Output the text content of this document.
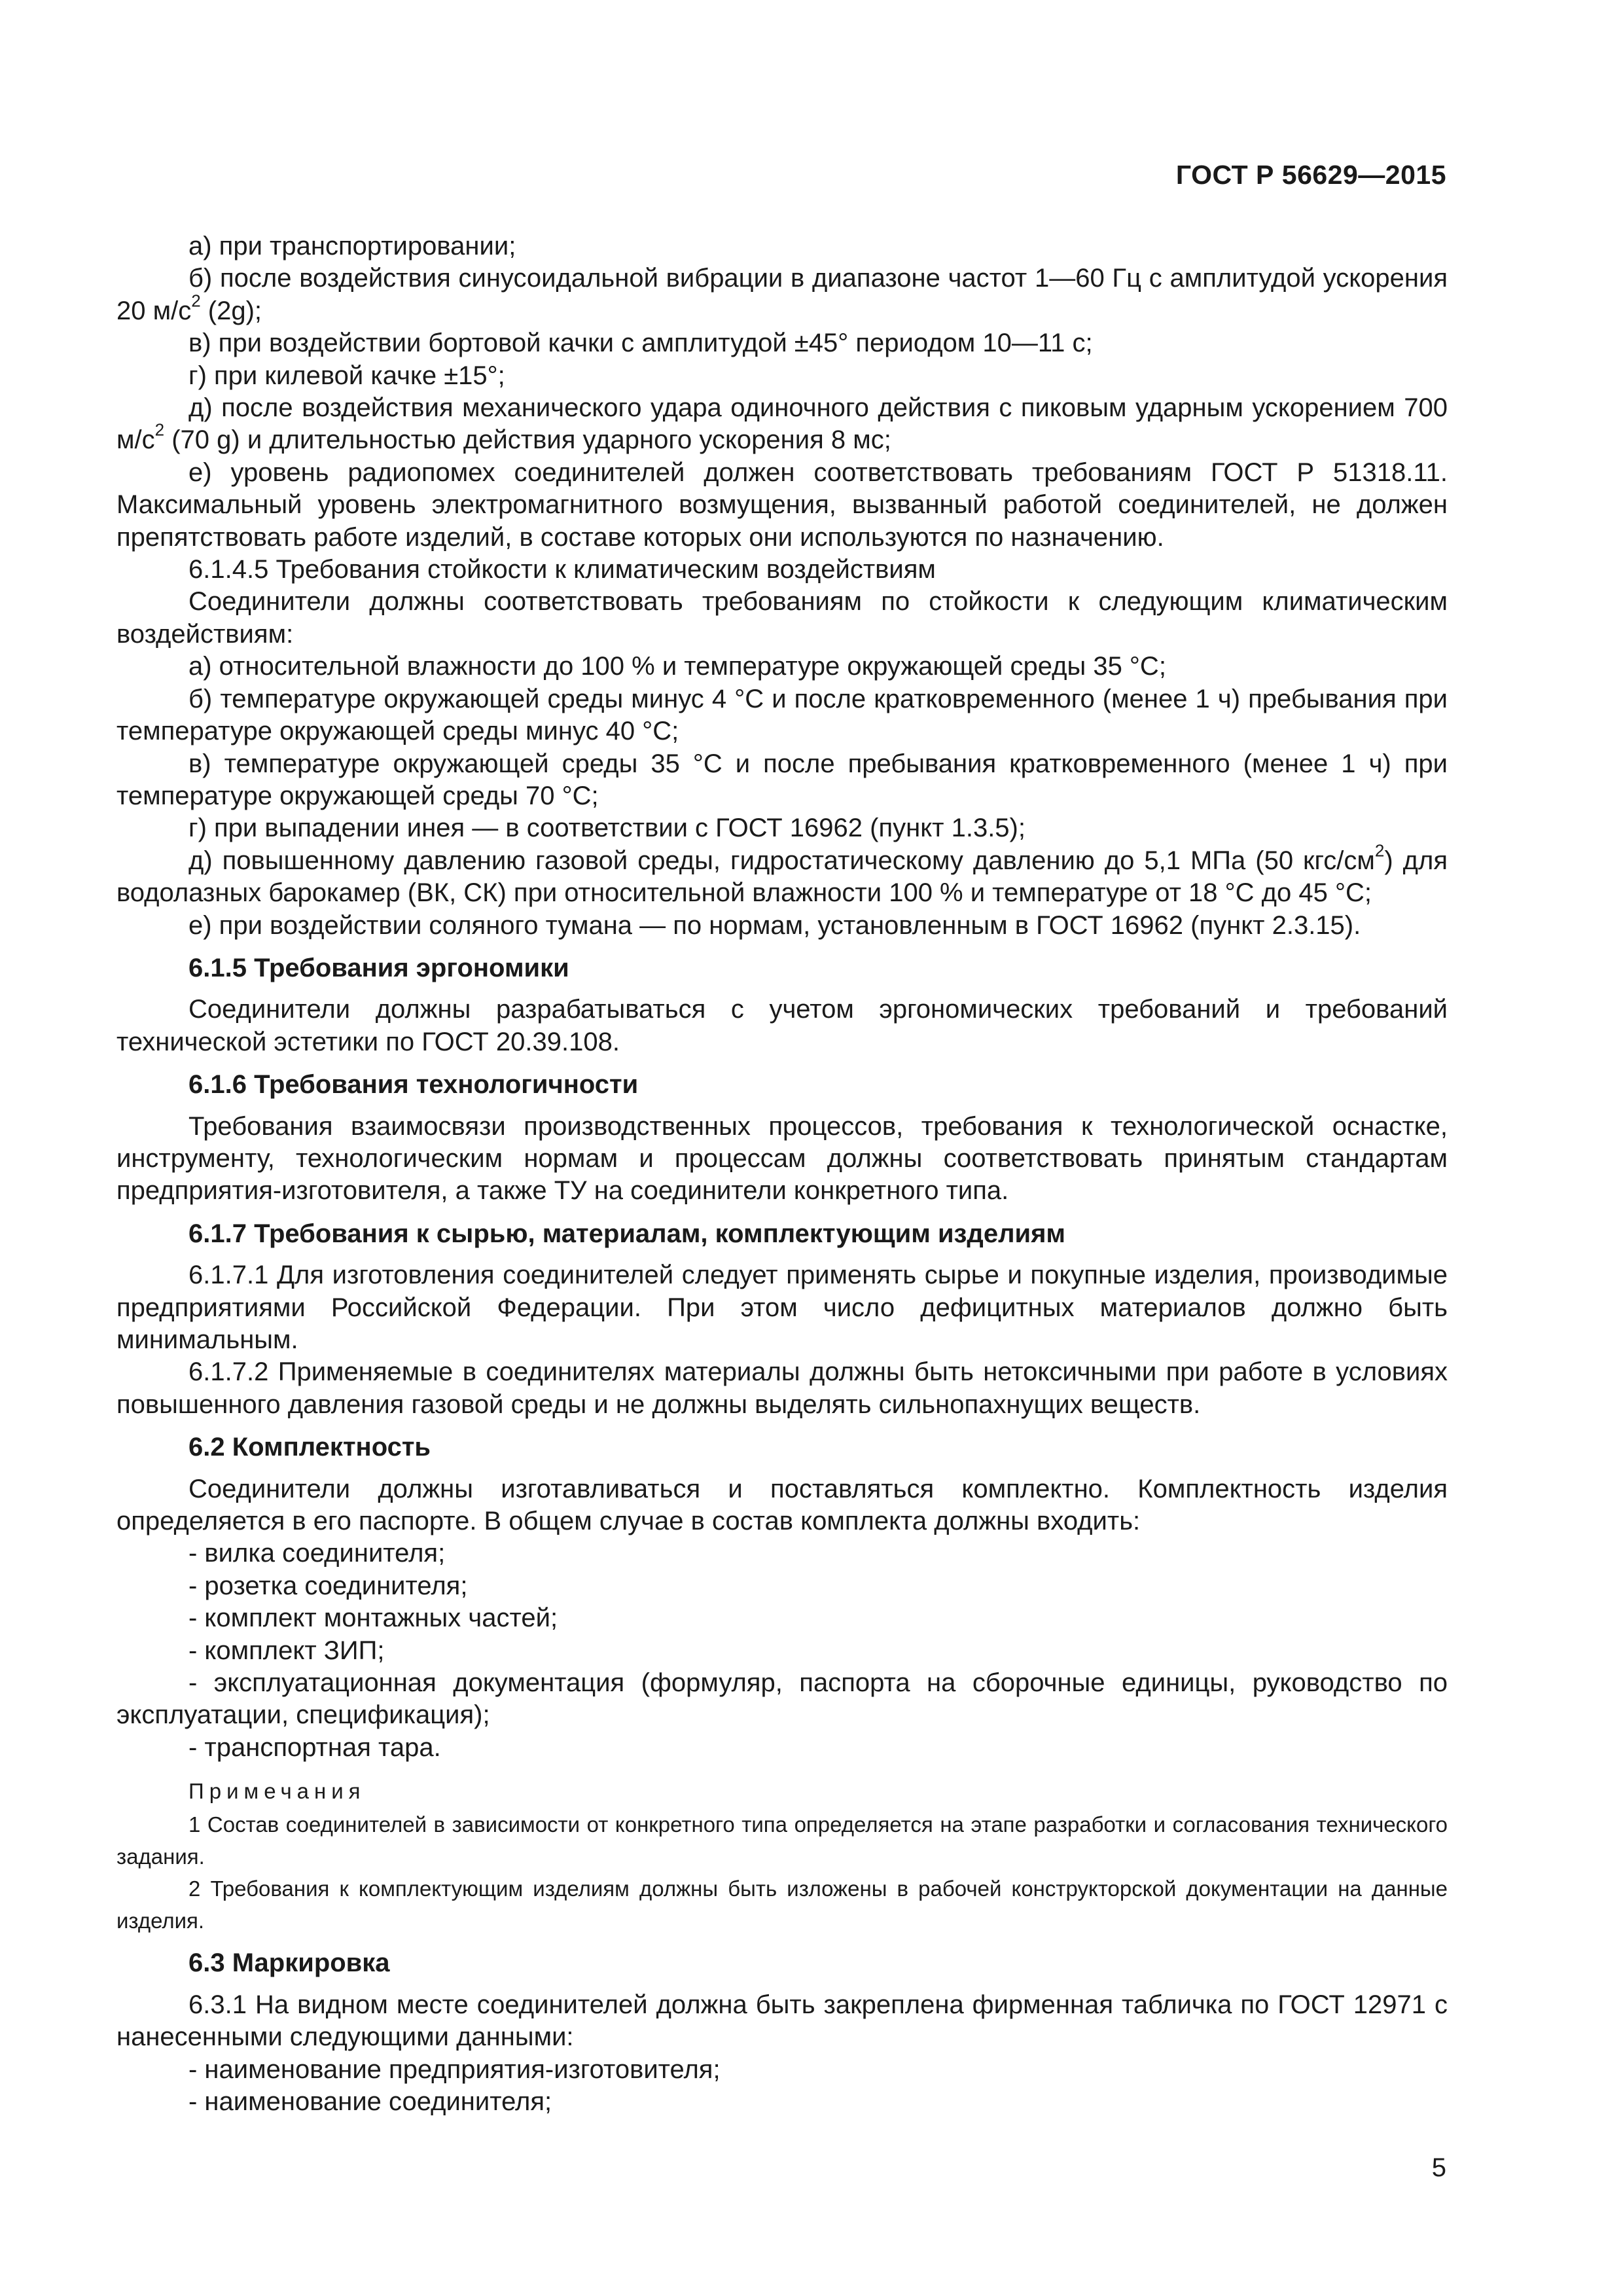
ГОСТ Р 56629—2015

а) при транспортировании;

б) после воздействия синусоидальной вибрации в диапазоне частот 1—60 Гц с амплитудой ускорения 20 $м/с^2$ (2g);

в) при воздействии бортовой качки с амплитудой ±45° периодом 10—11 с;

г) при килевой качке ±15°;

д) после воздействия механического удара одиночного действия с пиковым ударным ускорением 700 $м/с^2$ (70 g) и длительностью действия ударного ускорения 8 мс;

е) уровень радиопомех соединителей должен соответствовать требованиям ГОСТ Р 51318.11. Максимальный уровень электромагнитного возмущения, вызванный работой соединителей, не должен препятствовать работе изделий, в составе которых они используются по назначению.

6.1.4.5 Требования стойкости к климатическим воздействиям

Соединители должны соответствовать требованиям по стойкости к следующим климатическим воздействиям:

а) относительной влажности до 100 % и температуре окружающей среды 35 °С;

б) температуре окружающей среды минус 4 °С и после кратковременного (менее 1 ч) пребывания при температуре окружающей среды минус 40 °С;

в) температуре окружающей среды 35 °С и после пребывания кратковременного (менее 1 ч) при температуре окружающей среды 70 °С;

г) при выпадении инея — в соответствии с ГОСТ 16962 (пункт 1.3.5);

д) повышенному давлению газовой среды, гидростатическому давлению до 5,1 МПа (50 кгс/$см^2$) для водолазных барокамер (ВК, СК) при относительной влажности 100 % и температуре от 18 °С до 45 °С;

е) при воздействии соляного тумана — по нормам, установленным в ГОСТ 16962 (пункт 2.3.15).

6.1.5 Требования эргономики

Соединители должны разрабатываться с учетом эргономических требований и требований технической эстетики по ГОСТ 20.39.108.

6.1.6 Требования технологичности

Требования взаимосвязи производственных процессов, требования к технологической оснастке, инструменту, технологическим нормам и процессам должны соответствовать принятым стандартам предприятия-изготовителя, а также ТУ на соединители конкретного типа.

6.1.7 Требования к сырью, материалам, комплектующим изделиям

6.1.7.1 Для изготовления соединителей следует применять сырье и покупные изделия, производимые предприятиями Российской Федерации. При этом число дефицитных материалов должно быть минимальным.

6.1.7.2 Применяемые в соединителях материалы должны быть нетоксичными при работе в условиях повышенного давления газовой среды и не должны выделять сильнопахнущих веществ.

6.2 Комплектность

Соединители должны изготавливаться и поставляться комплектно. Комплектность изделия определяется в его паспорте. В общем случае в состав комплекта должны входить:

- вилка соединителя;

- розетка соединителя;

- комплект монтажных частей;

- комплект ЗИП;

- эксплуатационная документация (формуляр, паспорта на сборочные единицы, руководство по эксплуатации, спецификация);

- транспортная тара.

Примечания

1 Состав соединителей в зависимости от конкретного типа определяется на этапе разработки и согласования технического задания.

2 Требования к комплектующим изделиям должны быть изложены в рабочей конструкторской документации на данные изделия.

6.3 Маркировка

6.3.1 На видном месте соединителей должна быть закреплена фирменная табличка по ГОСТ 12971 с нанесенными следующими данными:

- наименование предприятия-изготовителя;

- наименование соединителя;

5
